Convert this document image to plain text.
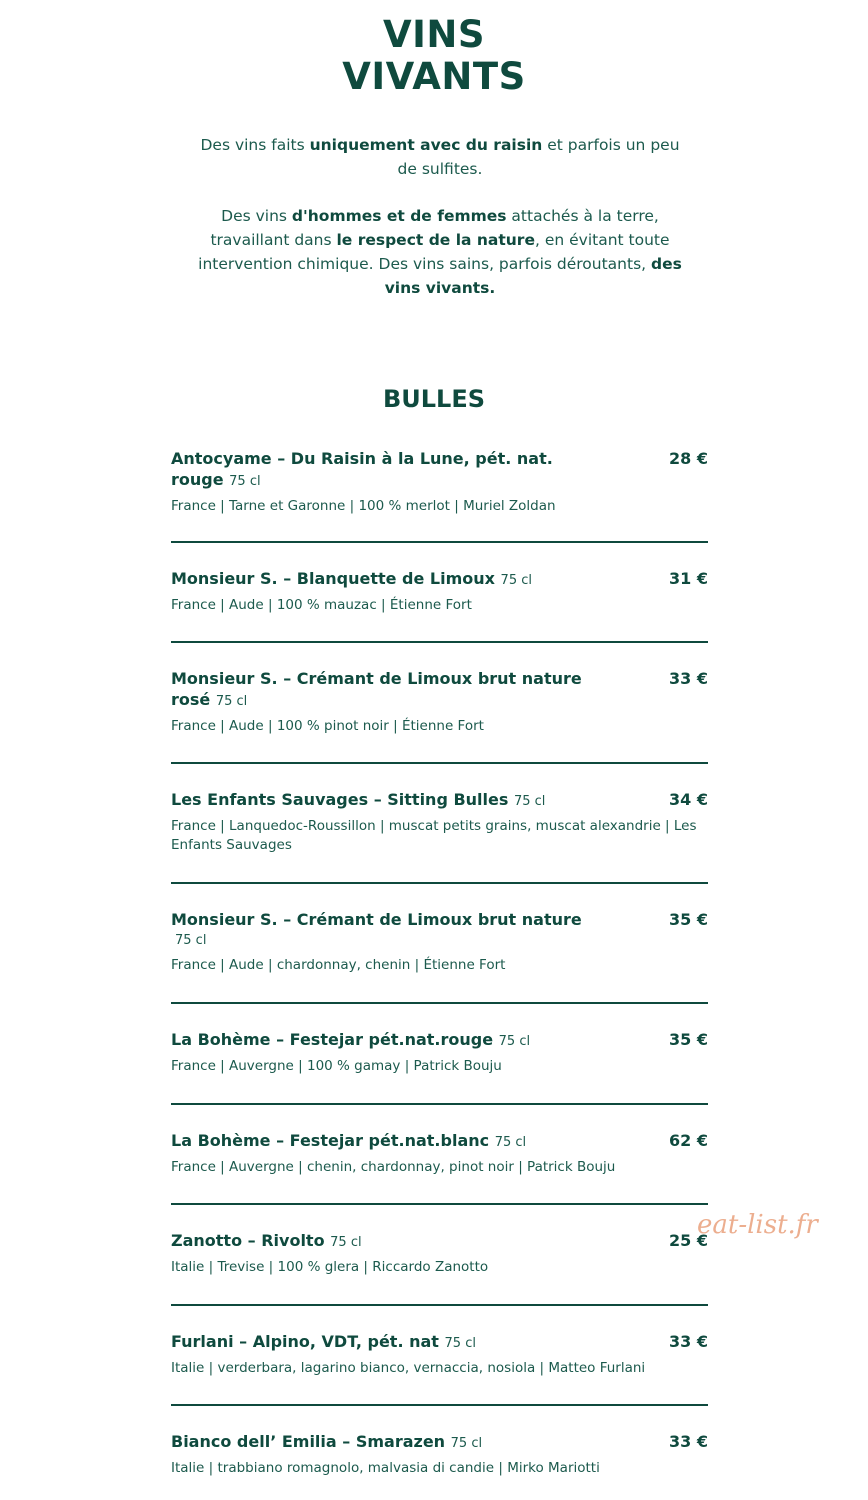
VINS
VIVANTS
Des vins faits uniquement avec du raisin et parfois un peu de sulfites.
Des vins d'hommes et de femmes attachés à la terre, travaillant dans le respect de la nature, en évitant toute intervention chimique. Des vins sains, parfois déroutants, des vins vivants.
BULLES
Antocyame – Du Raisin à la Lune, pét. nat. rouge 75 cl
28 €
France | Tarne et Garonne | 100 % merlot | Muriel Zoldan
Monsieur S. – Blanquette de Limoux 75 cl	31 €
France | Aude | 100 % mauzac | Étienne Fort
Monsieur S. – Crémant de Limoux brut nature rosé 75 cl
33 €
France | Aude | 100 % pinot noir | Étienne Fort
Les Enfants Sauvages – Sitting Bulles 75 cl	34 €
France | Lanquedoc-Roussillon | muscat petits grains, muscat alexandrie | Les Enfants Sauvages
Monsieur S. – Crémant de Limoux brut nature
75 cl
35 €
France | Aude | chardonnay, chenin | Étienne Fort
La Bohème – Festejar pét.nat.rouge 75 cl	35 €
France | Auvergne | 100 % gamay | Patrick Bouju
La Bohème – Festejar pét.nat.blanc 75 cl	62 €
France | Auvergne | chenin, chardonnay, pinot noir | Patrick Bouju
Zanotto – Rivolto 75 cl	25 €
Italie | Trevise | 100 % glera | Riccardo Zanotto
Furlani – Alpino, VDT, pét. nat 75 cl	33 €
Italie | verderbara, lagarino bianco, vernaccia, nosiola | Matteo Furlani
Bianco dell’ Emilia – Smarazen 75 cl	33 €
Italie | trabbiano romagnolo, malvasia di candie | Mirko Mariotti
eat-list.fr
